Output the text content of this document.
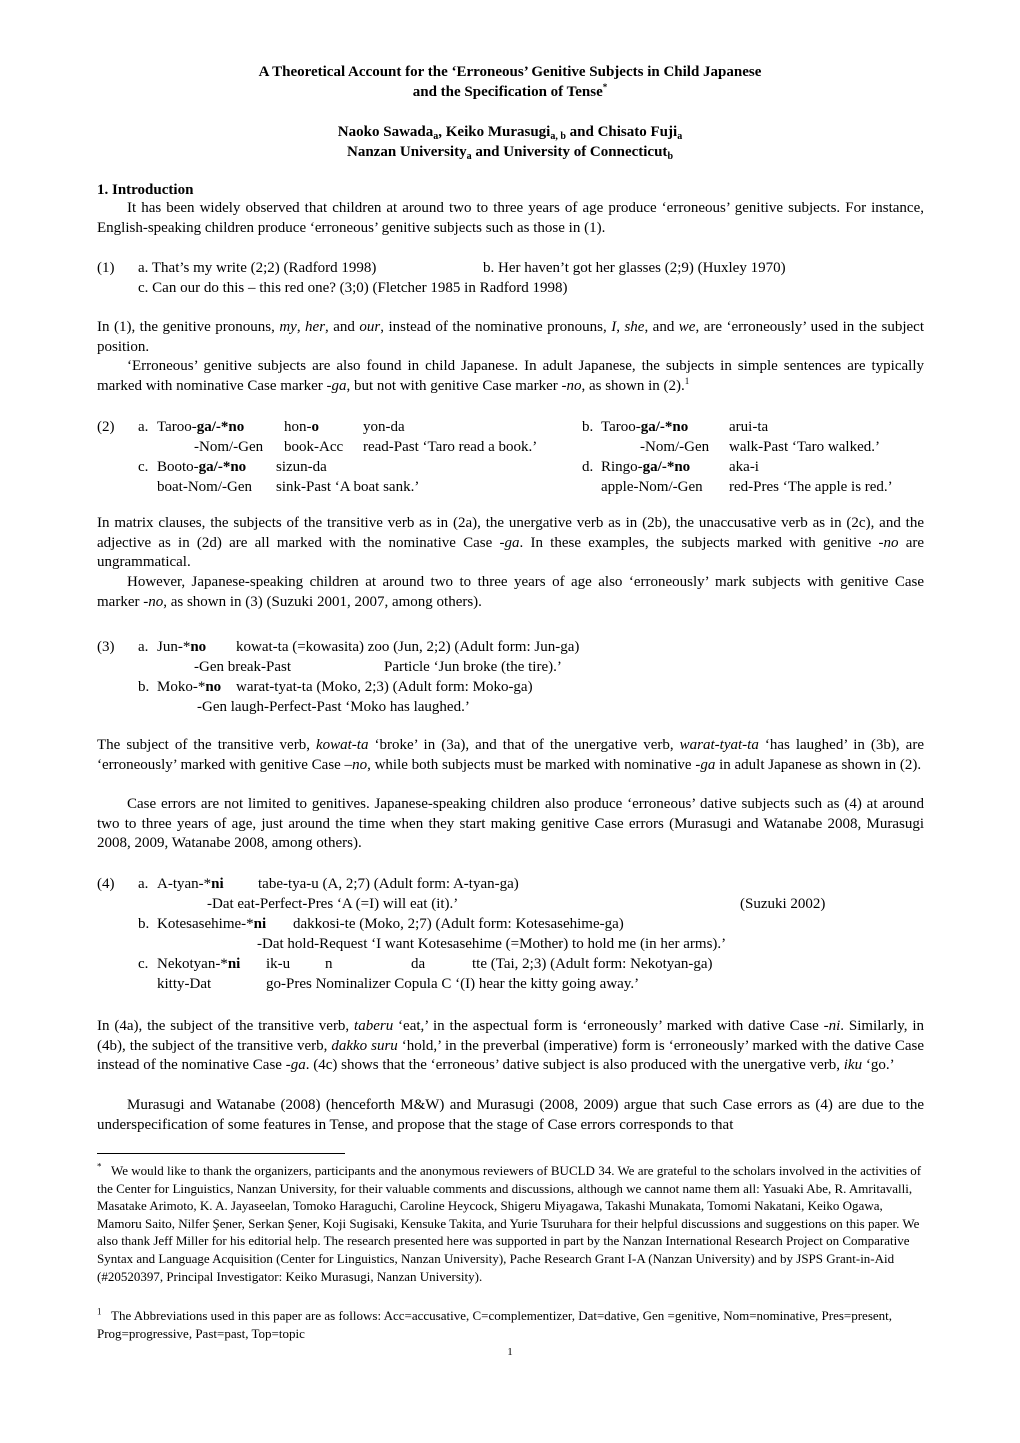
A Theoretical Account for the ‘Erroneous’ Genitive Subjects in Child Japanese
and the Specification of Tense*
Naoko Sawada$_a$, Keiko Murasugi$_{a, b}$ and Chisato Fuji$_a$
Nanzan University$_a$ and University of Connecticut$_b$
1. Introduction

It has been widely observed that children at around two to three years of age produce ‘erroneous’ genitive subjects. For instance, English-speaking children produce ‘erroneous’ genitive subjects such as those in (1).

(1) a. That’s my write (2;2) (Radford 1998)	b. Her haven’t got her glasses (2;9) (Huxley 1970)
c. Can our do this – this red one? (3;0) (Fletcher 1985 in Radford 1998)

In (1), the genitive pronouns, my, her, and our, instead of the nominative pronouns, I, she, and we, are ‘erroneously’ used in the subject position.

‘Erroneous’ genitive subjects are also found in child Japanese. In adult Japanese, the subjects in simple sentences are typically marked with nominative Case marker -ga, but not with genitive Case marker -no, as shown in (2).$^1$

(2) a. Taroo-ga/-*no	hon-o	yon-da
-Nom/-Gen book-Acc read-Past ‘Taro read a book.’
b. Taroo-ga/-*no	arui-ta
-Nom/-Gen walk-Past ‘Taro walked.’
c. Booto-ga/-*no sizun-da
boat-Nom/-Gen sink-Past ‘A boat sank.’
d. Ringo-ga/-*no	aka-i
apple-Nom/-Gen red-Pres ‘The apple is red.’

In matrix clauses, the subjects of the transitive verb as in (2a), the unergative verb as in (2b), the unaccusative verb as in (2c), and the adjective as in (2d) are all marked with the nominative Case -ga. In these examples, the subjects marked with genitive -no are ungrammatical.

However, Japanese-speaking children at around two to three years of age also ‘erroneously’ mark subjects with genitive Case marker -no, as shown in (3) (Suzuki 2001, 2007, among others).

(3) a. Jun-*no kowat-ta (=kowasita) zoo (Jun, 2;2) (Adult form: Jun-ga)
-Gen break-Past	Particle ‘Jun broke (the tire).’
b. Moko-*no warat-tyat-ta (Moko, 2;3) (Adult form: Moko-ga)
-Gen laugh-Perfect-Past ‘Moko has laughed.’

The subject of the transitive verb, kowat-ta ‘broke’ in (3a), and that of the unergative verb, warat-tyat-ta ‘has laughed’ in (3b), are ‘erroneously’ marked with genitive Case –no, while both subjects must be marked with nominative -ga in adult Japanese as shown in (2).

Case errors are not limited to genitives. Japanese-speaking children also produce ‘erroneous’ dative subjects such as (4) at around two to three years of age, just around the time when they start making genitive Case errors (Murasugi and Watanabe 2008, Murasugi 2008, 2009, Watanabe 2008, among others).

(4) a. A-tyan-*ni tabe-tya-u (A, 2;7) (Adult form: A-tyan-ga)
-Dat eat-Perfect-Pres ‘A (=I) will eat (it).’	(Suzuki 2002)
b. Kotesasehime-*ni dakkosi-te (Moko, 2;7) (Adult form: Kotesasehime-ga)
-Dat hold-Request ‘I want Kotesasehime (=Mother) to hold me (in her arms).’
c. Nekotyan-*ni ik-u n	da	tte (Tai, 2;3) (Adult form: Nekotyan-ga)
kitty-Dat	go-Pres Nominalizer Copula C ‘(I) hear the kitty going away.’

In (4a), the subject of the transitive verb, taberu ‘eat,’ in the aspectual form is ‘erroneously’ marked with dative Case -ni. Similarly, in (4b), the subject of the transitive verb, dakko suru ‘hold,’ in the preverbal (imperative) form is ‘erroneously’ marked with the dative Case instead of the nominative Case -ga. (4c) shows that the ‘erroneous’ dative subject is also produced with the unergative verb, iku ‘go.’

Murasugi and Watanabe (2008) (henceforth M&W) and Murasugi (2008, 2009) argue that such Case errors as (4) are due to the underspecification of some features in Tense, and propose that the stage of Case errors corresponds to that

* We would like to thank the organizers, participants and the anonymous reviewers of BUCLD 34. We are grateful to the scholars involved in the activities of the Center for Linguistics, Nanzan University, for their valuable comments and discussions, although we cannot name them all: Yasuaki Abe, R. Amritavalli, Masatake Arimoto, K. A. Jayaseelan, Tomoko Haraguchi, Caroline Heycock, Shigeru Miyagawa, Takashi Munakata, Tomomi Nakatani, Keiko Ogawa, Mamoru Saito, Nilfer Şener, Serkan Şener, Koji Sugisaki, Kensuke Takita, and Yurie Tsuruhara for their helpful discussions and suggestions on this paper. We also thank Jeff Miller for his editorial help. The research presented here was supported in part by the Nanzan International Research Project on Comparative Syntax and Language Acquisition (Center for Linguistics, Nanzan University), Pache Research Grant I-A (Nanzan University) and by JSPS Grant-in-Aid (#20520397, Principal Investigator: Keiko Murasugi, Nanzan University).

$^1$ The Abbreviations used in this paper are as follows: Acc=accusative, C=complementizer, Dat=dative, Gen =genitive, Nom=nominative, Pres=present, Prog=progressive, Past=past, Top=topic

1
